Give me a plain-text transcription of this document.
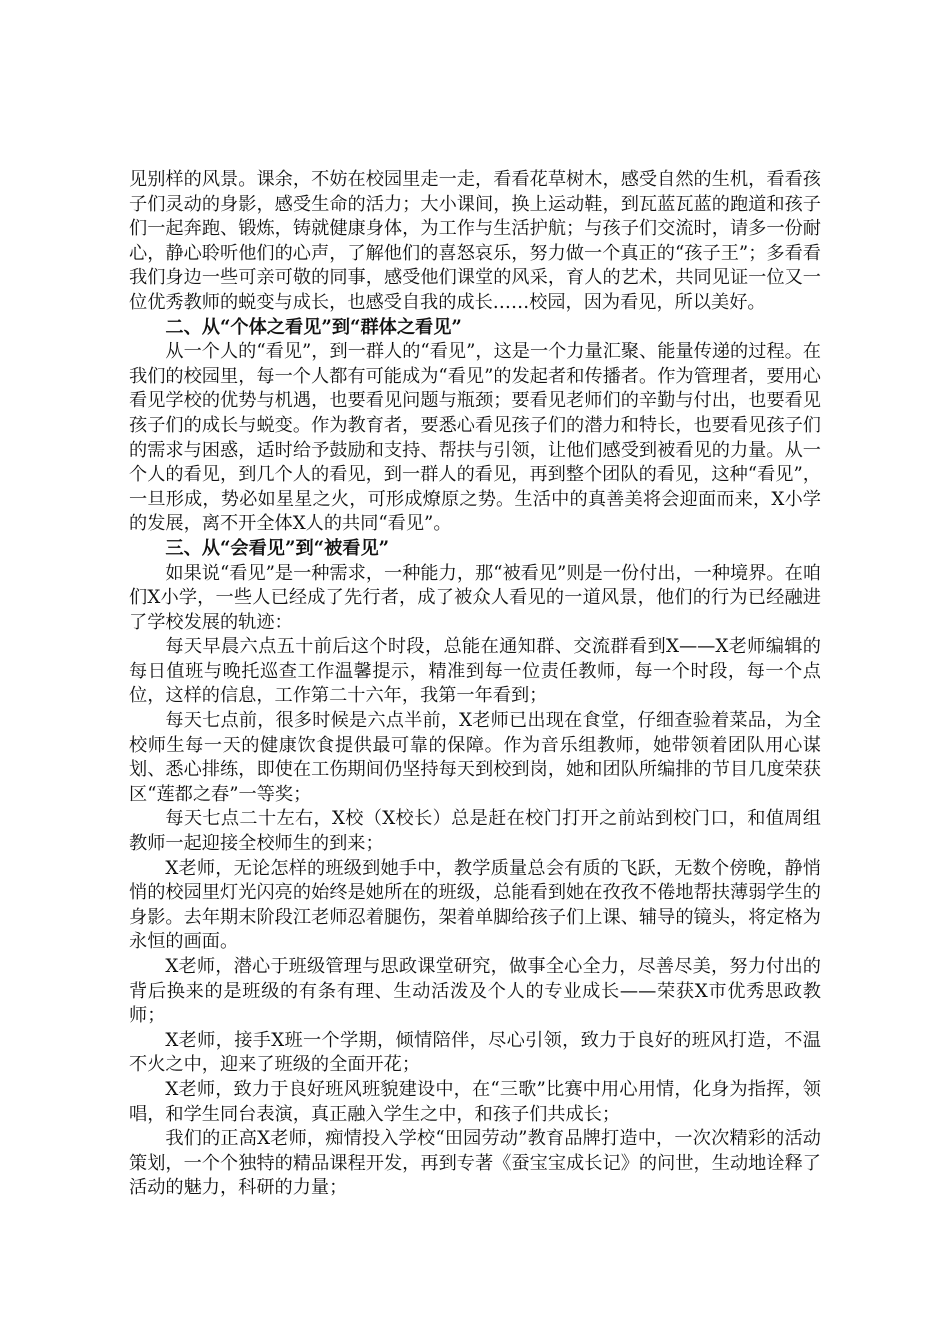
见别样的风景。课余，不妨在校园里走一走，看看花草树木，感受自然的生机，看看孩子们灵动的身影，感受生命的活力；大小课间，换上运动鞋，到瓦蓝瓦蓝的跑道和孩子们一起奔跑、锻炼，铸就健康身体，为工作与生活护航；与孩子们交流时，请多一份耐心，静心聆听他们的心声，了解他们的喜怒哀乐，努力做一个真正的“孩子王”；多看看我们身边一些可亲可敬的同事，感受他们课堂的风采，育人的艺术，共同见证一位又一位优秀教师的蜕变与成长，也感受自我的成长……校园，因为看见，所以美好。

二、从“个体之看见”到“群体之看见”

从一个人的“看见”，到一群人的“看见”，这是一个力量汇聚、能量传递的过程。在我们的校园里，每一个人都有可能成为“看见”的发起者和传播者。作为管理者，要用心看见学校的优势与机遇，也要看见问题与瓶颈；要看见老师们的辛勤与付出，也要看见孩子们的成长与蜕变。作为教育者，要悉心看见孩子们的潜力和特长，也要看见孩子们的需求与困惑，适时给予鼓励和支持、帮扶与引领，让他们感受到被看见的力量。从一个人的看见，到几个人的看见，到一群人的看见，再到整个团队的看见，这种“看见”，一旦形成，势必如星星之火，可形成燎原之势。生活中的真善美将会迎面而来，X小学的发展，离不开全体X人的共同“看见”。

三、从“会看见”到“被看见”

如果说“看见”是一种需求，一种能力，那“被看见”则是一份付出，一种境界。在咱们X小学，一些人已经成了先行者，成了被众人看见的一道风景，他们的行为已经融进了学校发展的轨迹：

每天早晨六点五十前后这个时段，总能在通知群、交流群看到X——X老师编辑的每日值班与晚托巡查工作温馨提示，精准到每一位责任教师，每一个时段，每一个点位，这样的信息，工作第二十六年，我第一年看到；

每天七点前，很多时候是六点半前，X老师已出现在食堂，仔细查验着菜品，为全校师生每一天的健康饮食提供最可靠的保障。作为音乐组教师，她带领着团队用心谋划、悉心排练，即使在工伤期间仍坚持每天到校到岗，她和团队所编排的节目几度荣获区“莲都之春”一等奖；

每天七点二十左右，X校（X校长）总是赶在校门打开之前站到校门口，和值周组教师一起迎接全校师生的到来；

X老师，无论怎样的班级到她手中，教学质量总会有质的飞跃，无数个傍晚，静悄悄的校园里灯光闪亮的始终是她所在的班级，总能看到她在孜孜不倦地帮扶薄弱学生的身影。去年期末阶段江老师忍着腿伤，架着单脚给孩子们上课、辅导的镜头，将定格为永恒的画面。

X老师，潜心于班级管理与思政课堂研究，做事全心全力，尽善尽美，努力付出的背后换来的是班级的有条有理、生动活泼及个人的专业成长——荣获X市优秀思政教师；

X老师，接手X班一个学期，倾情陪伴，尽心引领，致力于良好的班风打造，不温不火之中，迎来了班级的全面开花；

X老师，致力于良好班风班貌建设中，在“三歌”比赛中用心用情，化身为指挥，领唱，和学生同台表演，真正融入学生之中，和孩子们共成长；

我们的正高X老师，痴情投入学校“田园劳动”教育品牌打造中，一次次精彩的活动策划，一个个独特的精品课程开发，再到专著《蚕宝宝成长记》的问世，生动地诠释了活动的魅力，科研的力量；
